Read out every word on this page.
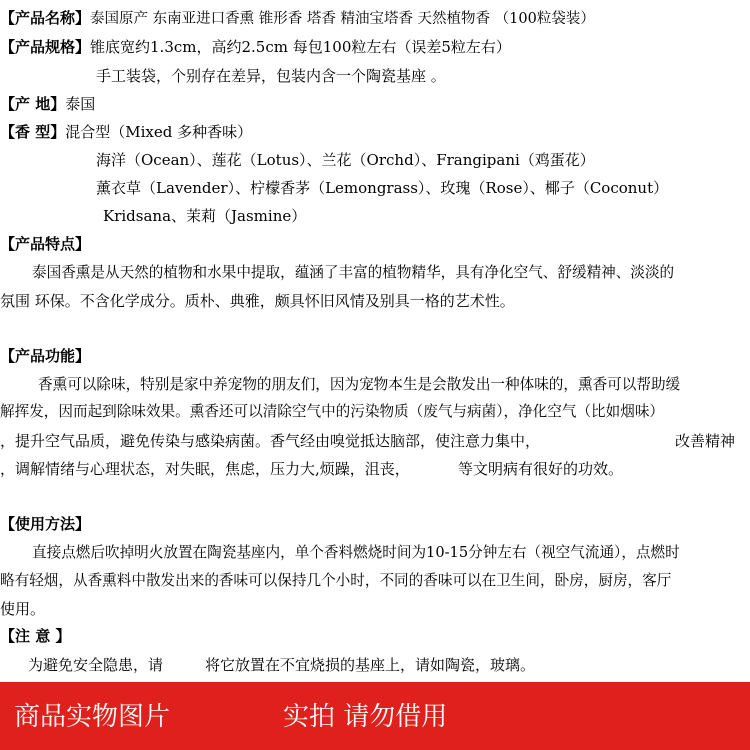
【产品名称】泰国原产 东南亚进口香熏 锥形香 塔香 精油宝塔香 天然植物香 （100粒袋装）
【产品规格】锥底宽约1.3cm，高约2.5cm 每包100粒左右（误差5粒左右）
手工装袋，个别存在差异，包装内含一个陶瓷基座 。
【产 地】泰国
【香 型】混合型（Mixed 多种香味）
海洋（Ocean）、莲花（Lotus）、兰花（Orchd）、Frangipani（鸡蛋花）
薰衣草（Lavender）、柠檬香茅（Lemongrass）、玫瑰（Rose）、椰子（Coconut）
Kridsana、茉莉（Jasmine）
【产品特点】
泰国香熏是从天然的植物和水果中提取，蕴涵了丰富的植物精华，具有净化空气、舒缓精神、淡淡的
氛围 环保。不含化学成分。质朴、典雅，颇具怀旧风情及别具一格的艺术性。
【产品功能】
香熏可以除味，特别是家中养宠物的朋友们，因为宠物本生是会散发出一种体味的，熏香可以帮助缓
解挥发，因而起到除味效果。熏香还可以清除空气中的污染物质（废气与病菌），净化空气（比如烟味）
，提升空气品质，避免传染与感染病菌。香气经由嗅觉抵达脑部，使注意力集中，	改善精神
，调解情绪与心理状态，对失眠，焦虑，压力大,烦躁，沮丧，	等文明病有很好的功效。
【使用方法】
直接点燃后吹掉明火放置在陶瓷基座内，单个香料燃烧时间为10-15分钟左右（视空气流通），点燃时
略有轻烟，从香熏料中散发出来的香味可以保持几个小时，不同的香味可以在卫生间，卧房，厨房，客厅
使用。
【注 意 】
为避免安全隐患，请	将它放置在不宜烧损的基座上，请如陶瓷，玻璃。
商品实物图片	实拍 请勿借用
